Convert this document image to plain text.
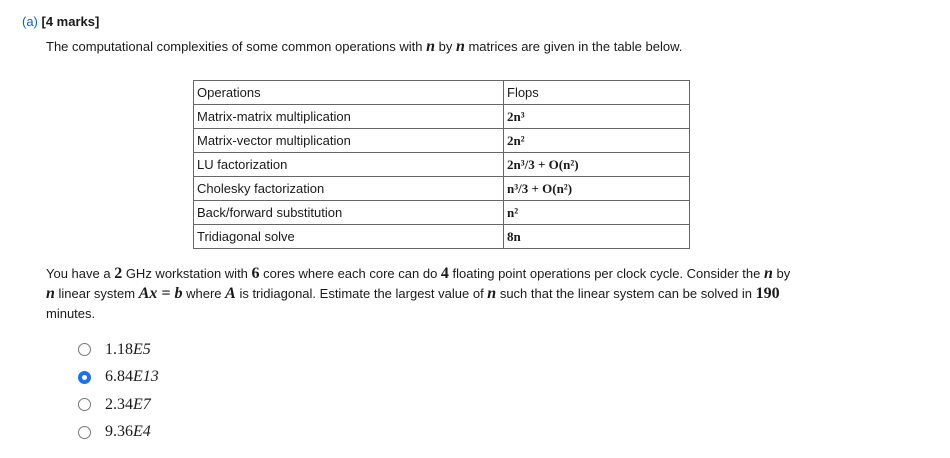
(a) [4 marks]
The computational complexities of some common operations with n by n matrices are given in the table below.
Operations	Flops
Matrix-matrix multiplication	2n³
Matrix-vector multiplication	2n²
LU factorization	2n³/3 + O(n²)
Cholesky factorization	n³/3 + O(n²)
Back/forward substitution	n²
Tridiagonal solve	8n
You have a 2 GHz workstation with 6 cores where each core can do 4 floating point operations per clock cycle. Consider the n by
n linear system Ax = b where A is tridiagonal. Estimate the largest value of n such that the linear system can be solved in 190
minutes.
1.18E5
6.84E13
2.34E7
9.36E4
